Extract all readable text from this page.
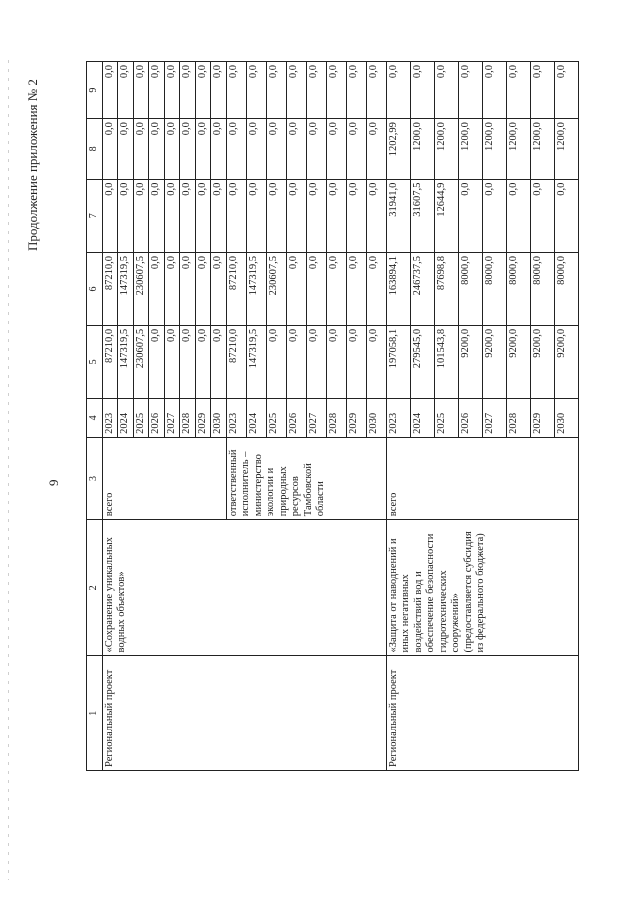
9
Продолжение приложения № 2
1	2	3	4	5	6	7	8	9
Региональный проект	«Сохранение уникальных водных объектов»	всего	2023	87210,0	87210,0	0,0	0,0	0,0
			2024	147319,5	147319,5	0,0	0,0	0,0
			2025	230607,5	230607,5	0,0	0,0	0,0
			2026	0,0	0,0	0,0	0,0	0,0
			2027	0,0	0,0	0,0	0,0	0,0
			2028	0,0	0,0	0,0	0,0	0,0
			2029	0,0	0,0	0,0	0,0	0,0
			2030	0,0	0,0	0,0	0,0	0,0
		ответственный исполнитель – министерство экологии и природных ресурсов Тамбовской области	2023	87210,0	87210,0	0,0	0,0	0,0
			2024	147319,5	147319,5	0,0	0,0	0,0
			2025	0,0	230607,5	0,0	0,0	0,0
			2026	0,0	0,0	0,0	0,0	0,0
			2027	0,0	0,0	0,0	0,0	0,0
			2028	0,0	0,0	0,0	0,0	0,0
			2029	0,0	0,0	0,0	0,0	0,0
			2030	0,0	0,0	0,0	0,0	0,0
Региональный проект	«Защита от наводнений и иных негативных воздействий вод и обеспечение безопасности гидротехнических сооружений» (предоставляется субсидия из федерального бюджета)	всего	2023	197058,1	163894,1	31941,0	1202,99	0,0
			2024	279545,0	246737,5	31607,5	1200,0	0,0
			2025	101543,8	87698,8	12644,9	1200,0	0,0
			2026	9200,0	8000,0	0,0	1200,0	0,0
			2027	9200,0	8000,0	0,0	1200,0	0,0
			2028	9200,0	8000,0	0,0	1200,0	0,0
			2029	9200,0	8000,0	0,0	1200,0	0,0
			2030	9200,0	8000,0	0,0	1200,0	0,0
